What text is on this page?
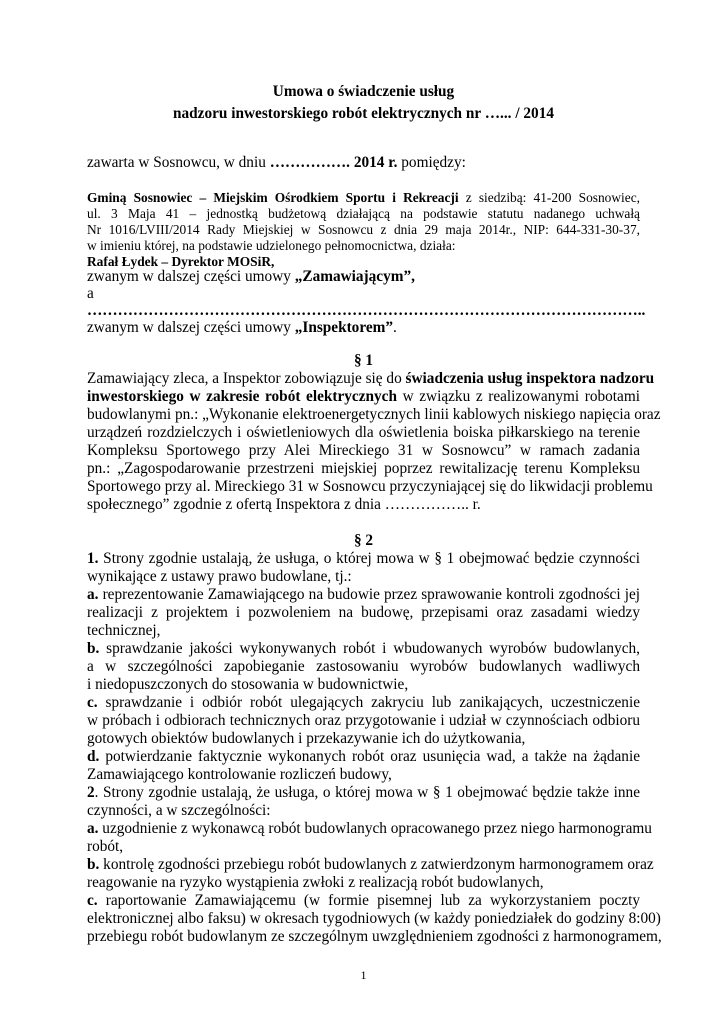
Umowa o świadczenie usług
nadzoru inwestorskiego robót elektrycznych nr …... / 2014
zawarta w Sosnowcu, w dniu ……………. 2014 r. pomiędzy:
Gminą Sosnowiec – Miejskim Ośrodkiem Sportu i Rekreacji z siedzibą: 41-200 Sosnowiec,
ul. 3 Maja 41 – jednostką budżetową działającą na podstawie statutu nadanego uchwałą
Nr 1016/LVIII/2014 Rady Miejskiej w Sosnowcu z dnia 29 maja 2014r., NIP: 644-331-30-37,
w imieniu której, na podstawie udzielonego pełnomocnictwa, działa:
Rafał Łydek – Dyrektor MOSiR,
zwanym w dalszej części umowy „Zamawiającym”,
a
………………………………………………………………………………………………..
zwanym w dalszej części umowy „Inspektorem”.
§ 1
Zamawiający zleca, a Inspektor zobowiązuje się do świadczenia usług inspektora nadzoru
inwestorskiego w zakresie robót elektrycznych w związku z realizowanymi robotami
budowlanymi pn.: „Wykonanie elektroenergetycznych linii kablowych niskiego napięcia oraz
urządzeń rozdzielczych i oświetleniowych dla oświetlenia boiska piłkarskiego na terenie
Kompleksu Sportowego przy Alei Mireckiego 31 w Sosnowcu” w ramach zadania
pn.: „Zagospodarowanie przestrzeni miejskiej poprzez rewitalizację terenu Kompleksu
Sportowego przy al. Mireckiego 31 w Sosnowcu przyczyniającej się do likwidacji problemu
społecznego” zgodnie z ofertą Inspektora z dnia …………….. r.
§ 2
1. Strony zgodnie ustalają, że usługa, o której mowa w § 1 obejmować będzie czynności
wynikające z ustawy prawo budowlane, tj.:
a. reprezentowanie Zamawiającego na budowie przez sprawowanie kontroli zgodności jej
realizacji z projektem i pozwoleniem na budowę, przepisami oraz zasadami wiedzy
technicznej,
b. sprawdzanie jakości wykonywanych robót i wbudowanych wyrobów budowlanych,
a w szczególności zapobieganie zastosowaniu wyrobów budowlanych wadliwych
i niedopuszczonych do stosowania w budownictwie,
c. sprawdzanie i odbiór robót ulegających zakryciu lub zanikających, uczestniczenie
w próbach i odbiorach technicznych oraz przygotowanie i udział w czynnościach odbioru
gotowych obiektów budowlanych i przekazywanie ich do użytkowania,
d. potwierdzanie faktycznie wykonanych robót oraz usunięcia wad, a także na żądanie
Zamawiającego kontrolowanie rozliczeń budowy,
2. Strony zgodnie ustalają, że usługa, o której mowa w § 1 obejmować będzie także inne
czynności, a w szczególności:
a. uzgodnienie z wykonawcą robót budowlanych opracowanego przez niego harmonogramu
robót,
b. kontrolę zgodności przebiegu robót budowlanych z zatwierdzonym harmonogramem oraz
reagowanie na ryzyko wystąpienia zwłoki z realizacją robót budowlanych,
c. raportowanie Zamawiającemu (w formie pisemnej lub za wykorzystaniem poczty
elektronicznej albo faksu) w okresach tygodniowych (w każdy poniedziałek do godziny 8:00)
przebiegu robót budowlanym ze szczególnym uwzględnieniem zgodności z harmonogramem,
1
